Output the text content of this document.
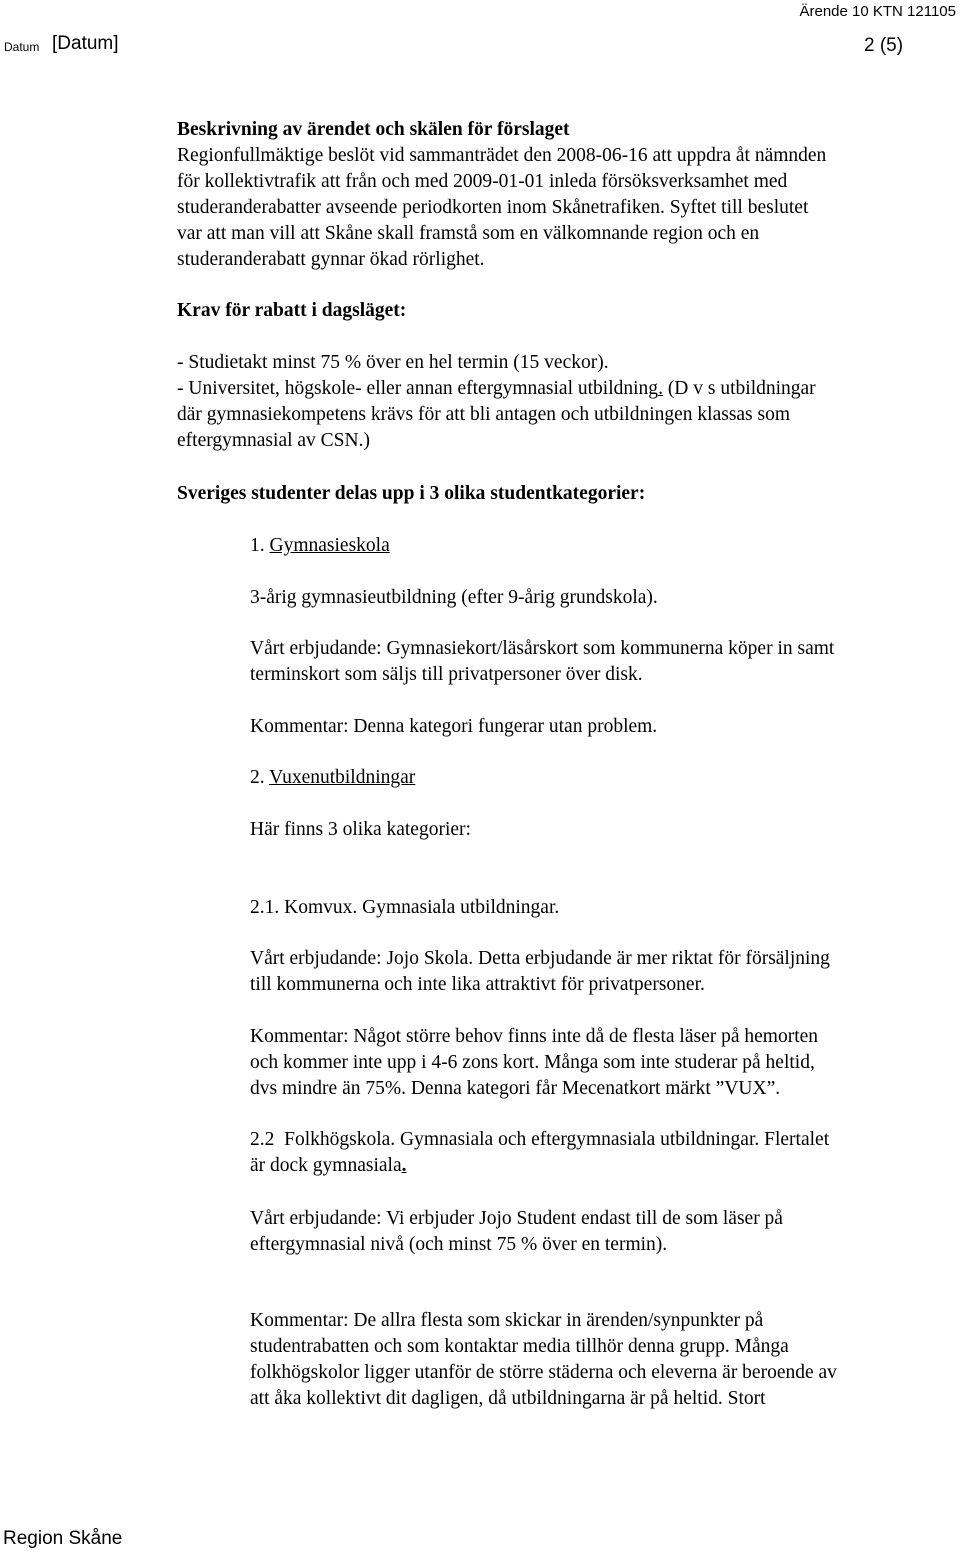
Ärende 10 KTN 121105
Datum [Datum]	2 (5)
Beskrivning av ärendet och skälen för förslaget
Regionfullmäktige beslöt vid sammanträdet den 2008-06-16 att uppdra åt nämnden
för kollektivtrafik att från och med 2009-01-01 inleda försöksverksamhet med
studeranderabatter avseende periodkorten inom Skånetrafiken. Syftet till beslutet
var att man vill att Skåne skall framstå som en välkomnande region och en
studeranderabatt gynnar ökad rörlighet.
Krav för rabatt i dagsläget:
- Studietakt minst 75 % över en hel termin (15 veckor).
- Universitet, högskole- eller annan eftergymnasial utbildning. (D v s utbildningar
där gymnasiekompetens krävs för att bli antagen och utbildningen klassas som
eftergymnasial av CSN.)
Sveriges studenter delas upp i 3 olika studentkategorier:
1. Gymnasieskola
3-årig gymnasieutbildning (efter 9-årig grundskola).
Vårt erbjudande: Gymnasiekort/läsårskort som kommunerna köper in samt
terminskort som säljs till privatpersoner över disk.
Kommentar: Denna kategori fungerar utan problem.
2. Vuxenutbildningar
Här finns 3 olika kategorier:
2.1. Komvux. Gymnasiala utbildningar.
Vårt erbjudande: Jojo Skola. Detta erbjudande är mer riktat för försäljning
till kommunerna och inte lika attraktivt för privatpersoner.
Kommentar: Något större behov finns inte då de flesta läser på hemorten
och kommer inte upp i 4-6 zons kort. Många som inte studerar på heltid,
dvs mindre än 75%. Denna kategori får Mecenatkort märkt ”VUX”.
2.2  Folkhögskola. Gymnasiala och eftergymnasiala utbildningar. Flertalet
är dock gymnasiala.
Vårt erbjudande: Vi erbjuder Jojo Student endast till de som läser på
eftergymnasial nivå (och minst 75 % över en termin).
Kommentar: De allra flesta som skickar in ärenden/synpunkter på
studentrabatten och som kontaktar media tillhör denna grupp. Många
folkhögskolor ligger utanför de större städerna och eleverna är beroende av
att åka kollektivt dit dagligen, då utbildningarna är på heltid. Stort
Region Skåne
